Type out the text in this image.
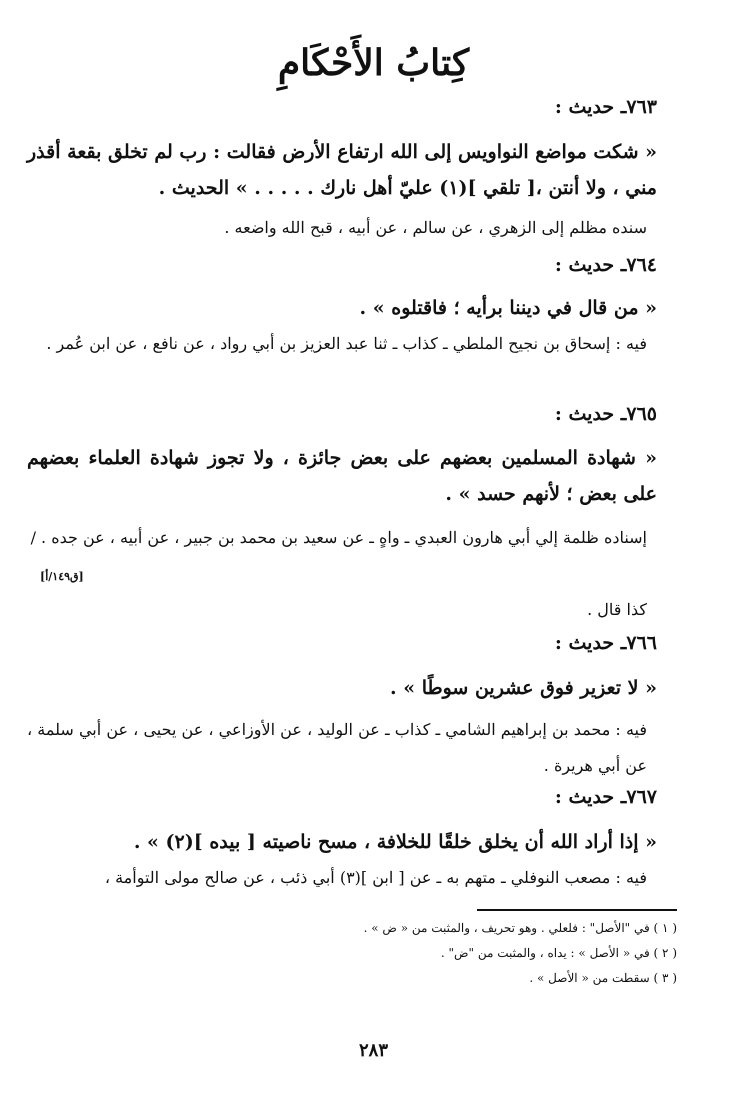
كِتابُ الأَحْكَامِ
٧٦٣ـ حديث :
« شكت مواضع النواويس إلى الله ارتفاع الأرض فقالت : رب لم تخلق بقعة أقذر مني ، ولا أنتن ،[ تلقي ](١) عليّ أهل نارك . . . . . » الحديث .
سنده مظلم إلى الزهري ، عن سالم ، عن أبيه ، قبح الله واضعه .
٧٦٤ـ حديث :
« من قال في ديننا برأيه ؛ فاقتلوه » .
فيه : إسحاق بن نجيح الملطي ـ كذاب ـ ثنا عبد العزيز بن أبي رواد ، عن نافع ، عن ابن عُمر .
٧٦٥ـ حديث :
« شهادة المسلمين بعضهم على بعض جائزة ، ولا تجوز شهادة العلماء بعضهم على بعض ؛ لأنهم حسد » .
إسناده ظلمة إلي أبي هارون العبدي ـ واهٍ ـ عن سعيد بن محمد بن جبير ، عن أبيه ، عن جده . /
كذا قال .
[ق١٤٩/أ]
٧٦٦ـ حديث :
« لا تعزير فوق عشرين سوطًا » .
فيه : محمد بن إبراهيم الشامي ـ كذاب ـ عن الوليد ، عن الأوزاعي ، عن يحيى ، عن أبي سلمة ، عن أبي هريرة .
٧٦٧ـ حديث :
« إذا أراد الله أن يخلق خلقًا للخلافة ، مسح ناصيته [ بيده ](٢) » .
فيه : مصعب النوفلي ـ متهم به ـ عن [ ابن ](٣) أبي ذئب ، عن صالح مولى التوأمة ،
( ١ ) في "الأصل" : فلعلي . وهو تحريف ، والمثبت من « ض » .
( ٢ ) في « الأصل » : يداه ، والمثبت من "ض" .
( ٣ ) سقطت من « الأصل » .
٢٨٣
